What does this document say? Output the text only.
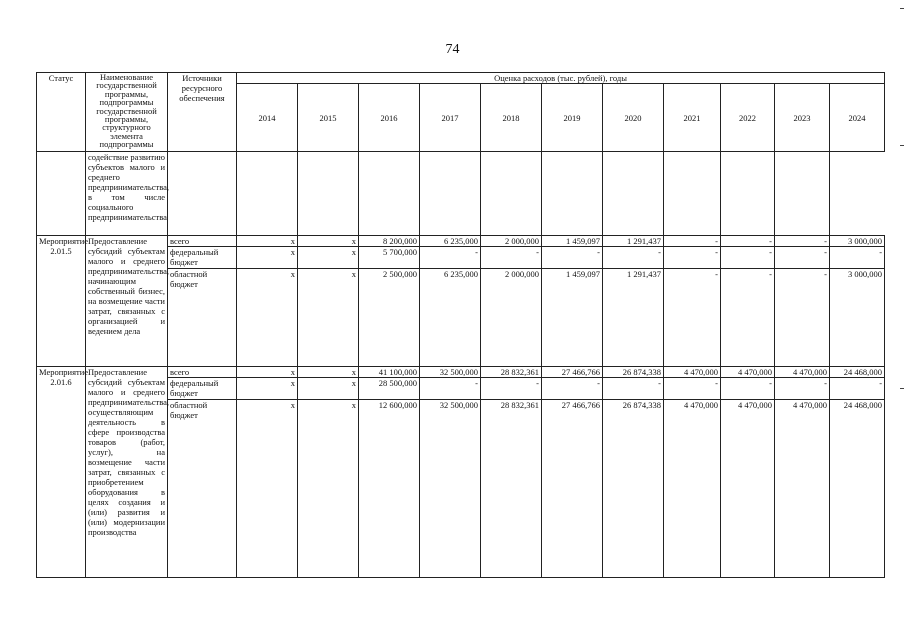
74
Статус	Наименование государственной программы, подпрограммы государственной программы, структурного элемента подпрограммы	Источники ресурсного обеспечения	Оценка расходов (тыс. рублей), годы										
			2014	2015	2016	2017	2018	2019	2020	2021	2022	2023	2024
	содействие развитию субъектов малого и среднего предпринимательства, в том числе социального предпринимательства												
Мероприятие 2.01.5	Предоставление субсидий субъектам малого и среднего предпринимательства, начинающим собственный бизнес, на возмещение части затрат, связанных с организацией и ведением дела	всего	x	x	8 200,000	6 235,000	2 000,000	1 459,097	1 291,437	-	-	-	3 000,000
		федеральный бюджет	x	x	5 700,000	-	-	-	-	-	-	-	-
		областной бюджет	x	x	2 500,000	6 235,000	2 000,000	1 459,097	1 291,437	-	-	-	3 000,000
Мероприятие 2.01.6	Предоставление субсидий субъектам малого и среднего предпринимательства, осуществляющим деятельность в сфере производства товаров (работ, услуг), на возмещение части затрат, связанных с приобретением оборудования в целях создания и (или) развития и (или) модернизации производства	всего	x	x	41 100,000	32 500,000	28 832,361	27 466,766	26 874,338	4 470,000	4 470,000	4 470,000	24 468,000
		федеральный бюджет	x	x	28 500,000	-	-	-	-	-	-	-	-
		областной бюджет	x	x	12 600,000	32 500,000	28 832,361	27 466,766	26 874,338	4 470,000	4 470,000	4 470,000	24 468,000
